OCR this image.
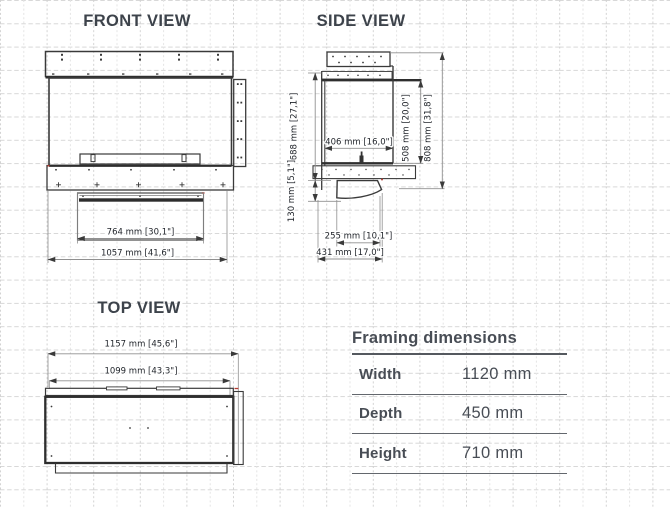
764 mm [30,1"]
1057 mm [41,6"]
406 mm [16,0"]
688 mm [27,1"]
130 mm [5,1"]
508 mm [20,0"] 808 mm [31,8"]
255 mm [10,1"]
431 mm [17,0"]
1157 mm [45,6"]
1099 mm [43,3"]
FRONT VIEW	SIDE VIEW
TOP VIEW
Framing dimensions
Width	1120 mm
Depth	450 mm
Height	710 mm
